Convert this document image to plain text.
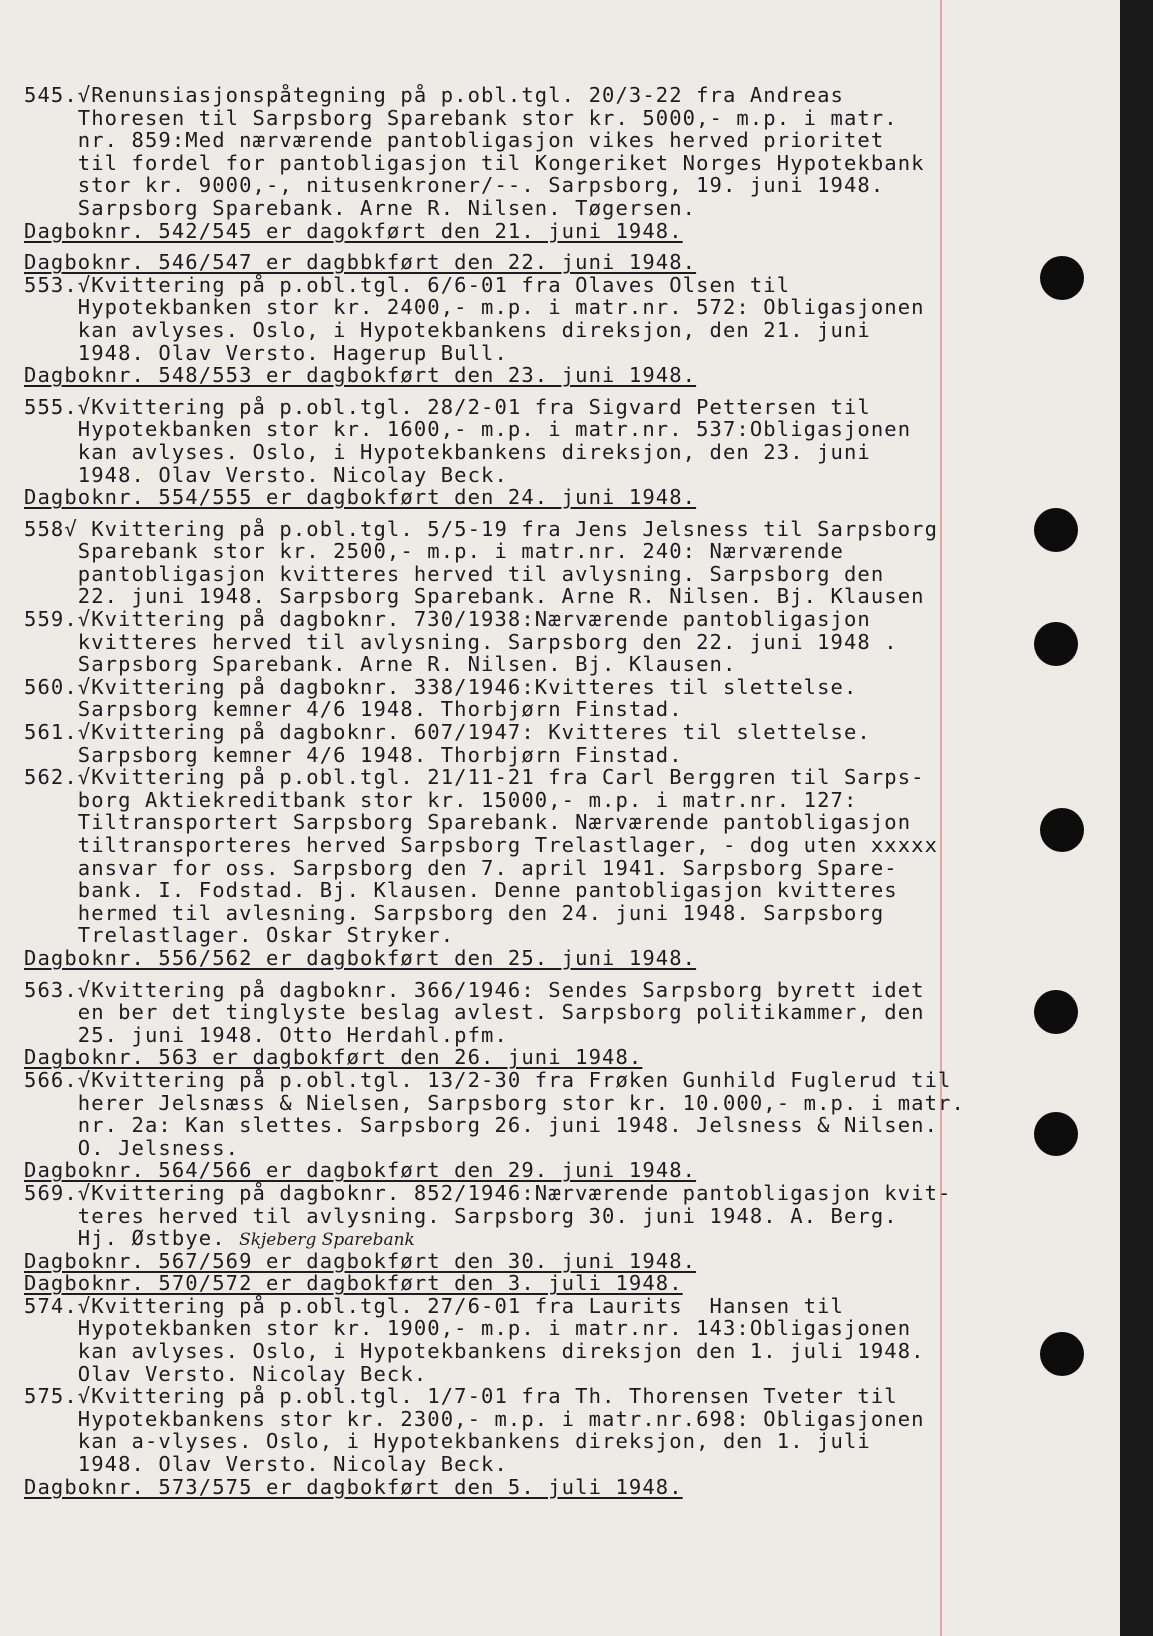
545.√Renunsiasjonspåtegning på p.obl.tgl. 20/3-22 fra Andreas
Thoresen til Sarpsborg Sparebank stor kr. 5000,- m.p. i matr.
nr. 859:Med nærværende pantobligasjon vikes herved prioritet
til fordel for pantobligasjon til Kongeriket Norges Hypotekbank
stor kr. 9000,-, nitusenkroner/--. Sarpsborg, 19. juni 1948.
Sarpsborg Sparebank. Arne R. Nilsen. Tøgersen.
Dagboknr. 542/545 er dagokført den 21. juni 1948.
Dagboknr. 546/547 er dagbbkført den 22. juni 1948.
553.√Kvittering på p.obl.tgl. 6/6-01 fra Olaves Olsen til
Hypotekbanken stor kr. 2400,- m.p. i matr.nr. 572: Obligasjonen
kan avlyses. Oslo, i Hypotekbankens direksjon, den 21. juni
1948. Olav Versto. Hagerup Bull.
Dagboknr. 548/553 er dagbokført den 23. juni 1948.
555.√Kvittering på p.obl.tgl. 28/2-01 fra Sigvard Pettersen til
Hypotekbanken stor kr. 1600,- m.p. i matr.nr. 537:Obligasjonen
kan avlyses. Oslo, i Hypotekbankens direksjon, den 23. juni
1948. Olav Versto. Nicolay Beck.
Dagboknr. 554/555 er dagbokført den 24. juni 1948.
558√ Kvittering på p.obl.tgl. 5/5-19 fra Jens Jelsness til Sarpsborg
Sparebank stor kr. 2500,- m.p. i matr.nr. 240: Nærværende
pantobligasjon kvitteres herved til avlysning. Sarpsborg den
22. juni 1948. Sarpsborg Sparebank. Arne R. Nilsen. Bj. Klausen
559.√Kvittering på dagboknr. 730/1938:Nærværende pantobligasjon
kvitteres herved til avlysning. Sarpsborg den 22. juni 1948 .
Sarpsborg Sparebank. Arne R. Nilsen. Bj. Klausen.
560.√Kvittering på dagboknr. 338/1946:Kvitteres til slettelse.
Sarpsborg kemner 4/6 1948. Thorbjørn Finstad.
561.√Kvittering på dagboknr. 607/1947: Kvitteres til slettelse.
Sarpsborg kemner 4/6 1948. Thorbjørn Finstad.
562.√Kvittering på p.obl.tgl. 21/11-21 fra Carl Berggren til Sarps-
borg Aktiekreditbank stor kr. 15000,- m.p. i matr.nr. 127:
Tiltransportert Sarpsborg Sparebank. Nærværende pantobligasjon
tiltransporteres herved Sarpsborg Trelastlager, - dog uten xxxxx
ansvar for oss. Sarpsborg den 7. april 1941. Sarpsborg Spare-
bank. I. Fodstad. Bj. Klausen. Denne pantobligasjon kvitteres
hermed til avlesning. Sarpsborg den 24. juni 1948. Sarpsborg
Trelastlager. Oskar Stryker.
Dagboknr. 556/562 er dagbokført den 25. juni 1948.
563.√Kvittering på dagboknr. 366/1946: Sendes Sarpsborg byrett idet
en ber det tinglyste beslag avlest. Sarpsborg politikammer, den
25. juni 1948. Otto Herdahl.pfm.
Dagboknr. 563 er dagbokført den 26. juni 1948.
566.√Kvittering på p.obl.tgl. 13/2-30 fra Frøken Gunhild Fuglerud til
herer Jelsnæss & Nielsen, Sarpsborg stor kr. 10.000,- m.p. i matr.
nr. 2a: Kan slettes. Sarpsborg 26. juni 1948. Jelsness & Nilsen.
O. Jelsness.
Dagboknr. 564/566 er dagbokført den 29. juni 1948.
569.√Kvittering på dagboknr. 852/1946:Nærværende pantobligasjon kvit-
teres herved til avlysning. Sarpsborg 30. juni 1948. A. Berg.
Hj. Østbye. Skjeberg Sparebank
Dagboknr. 567/569 er dagbokført den 30. juni 1948.
Dagboknr. 570/572 er dagbokført den 3. juli 1948.
574.√Kvittering på p.obl.tgl. 27/6-01 fra Laurits  Hansen til
Hypotekbanken stor kr. 1900,- m.p. i matr.nr. 143:Obligasjonen
kan avlyses. Oslo, i Hypotekbankens direksjon den 1. juli 1948.
Olav Versto. Nicolay Beck.
575.√Kvittering på p.obl.tgl. 1/7-01 fra Th. Thorensen Tveter til
Hypotekbankens stor kr. 2300,- m.p. i matr.nr.698: Obligasjonen
kan a-vlyses. Oslo, i Hypotekbankens direksjon, den 1. juli
1948. Olav Versto. Nicolay Beck.
Dagboknr. 573/575 er dagbokført den 5. juli 1948.
